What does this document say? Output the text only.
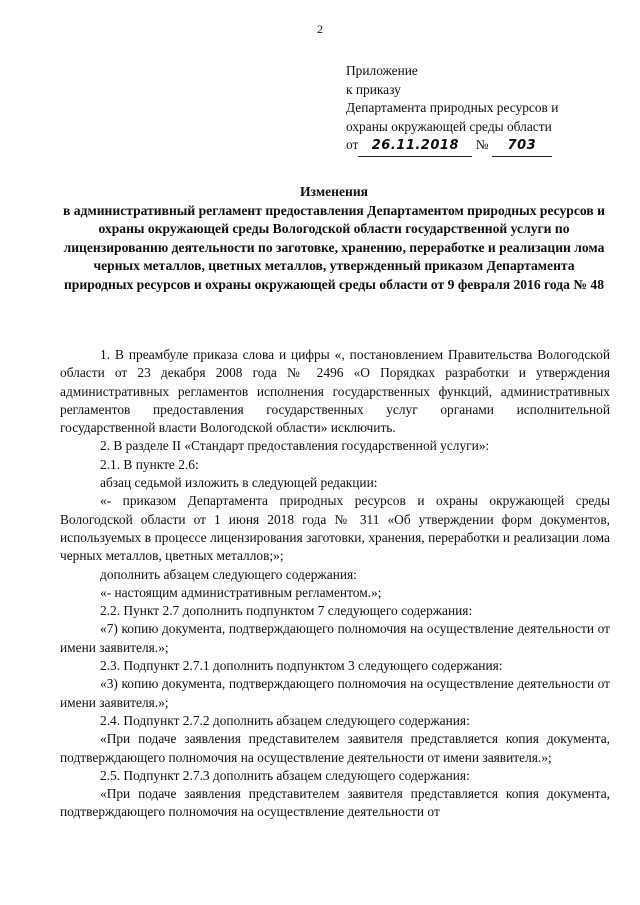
2
Приложение
к приказу
Департамента природных ресурсов и
охраны окружающей среды области
от 26.11.2018 № 703
Изменения
в административный регламент предоставления Департаментом природных ресурсов и охраны окружающей среды Вологодской области государственной услуги по лицензированию деятельности по заготовке, хранению, переработке и реализации лома черных металлов, цветных металлов, утвержденный приказом Департамента природных ресурсов и охраны окружающей среды области от 9 февраля 2016 года № 48

1. В преамбуле приказа слова и цифры «, постановлением Правительства Вологодской области от 23 декабря 2008 года № 2496 «О Порядках разработки и утверждения административных регламентов исполнения государственных функций, административных регламентов предоставления государственных услуг органами исполнительной государственной власти Вологодской области» исключить.

2. В разделе II «Стандарт предоставления государственной услуги»:

2.1. В пункте 2.6:

абзац седьмой изложить в следующей редакции:

«- приказом Департамента природных ресурсов и охраны окружающей среды Вологодской области от 1 июня 2018 года № 311 «Об утверждении форм документов, используемых в процессе лицензирования заготовки, хранения, переработки и реализации лома черных металлов, цветных металлов;»;

дополнить абзацем следующего содержания:

«- настоящим административным регламентом.»;

2.2. Пункт 2.7 дополнить подпунктом 7 следующего содержания:

«7) копию документа, подтверждающего полномочия на осуществление деятельности от имени заявителя.»;

2.3. Подпункт 2.7.1 дополнить подпунктом 3 следующего содержания:

«3) копию документа, подтверждающего полномочия на осуществление деятельности от имени заявителя.»;

2.4. Подпункт 2.7.2 дополнить абзацем следующего содержания:

«При подаче заявления представителем заявителя представляется копия документа, подтверждающего полномочия на осуществление деятельности от имени заявителя.»;

2.5. Подпункт 2.7.3 дополнить абзацем следующего содержания:

«При подаче заявления представителем заявителя представляется копия документа, подтверждающего полномочия на осуществление деятельности от
